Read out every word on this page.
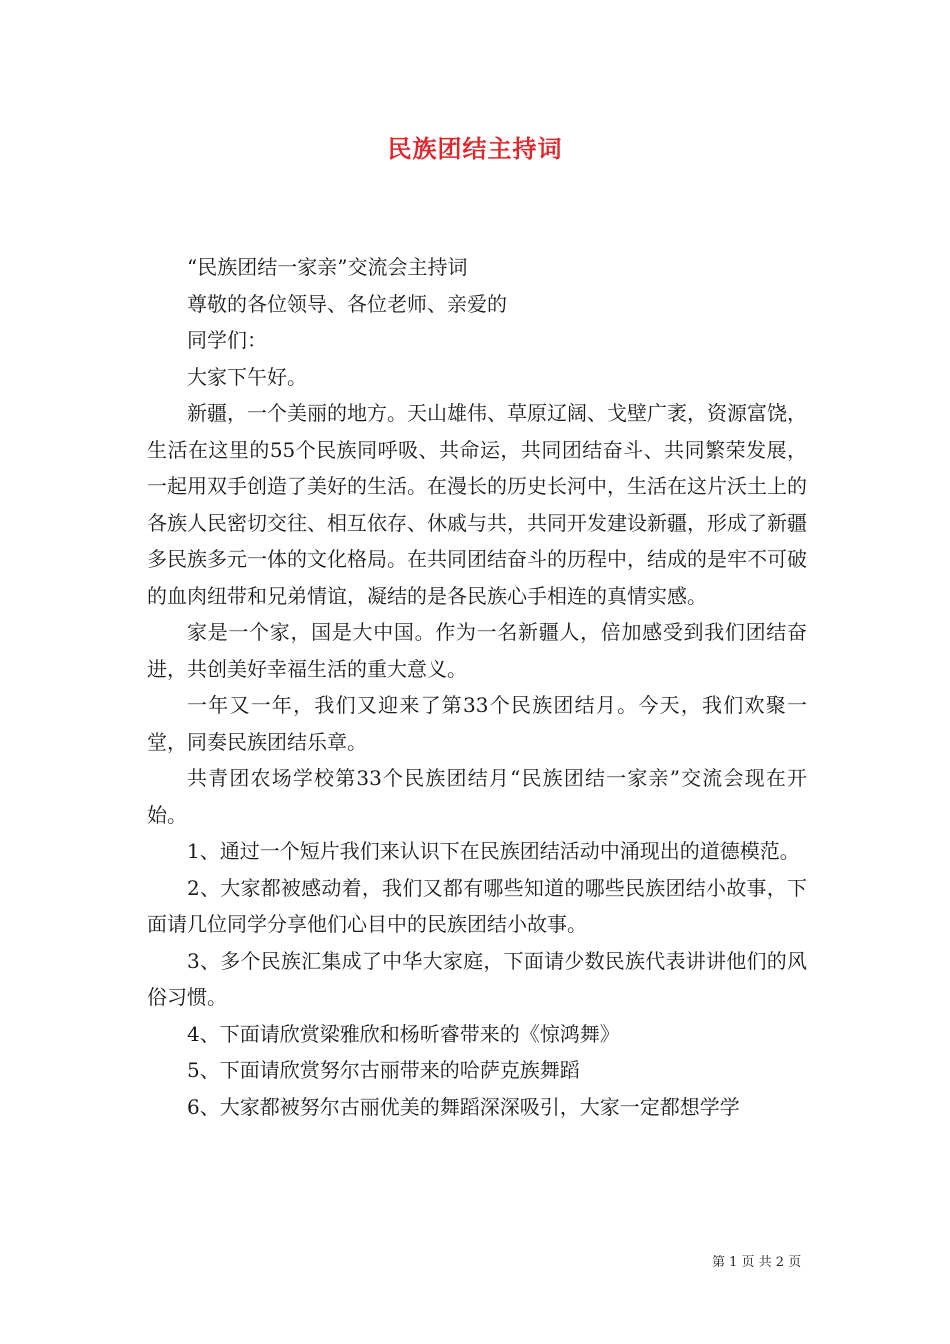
民族团结主持词

“民族团结一家亲”交流会主持词

尊敬的各位领导、各位老师、亲爱的

同学们：

大家下午好。

新疆，一个美丽的地方。天山雄伟、草原辽阔、戈壁广袤，资源富饶，生活在这里的55个民族同呼吸、共命运，共同团结奋斗、共同繁荣发展，一起用双手创造了美好的生活。在漫长的历史长河中，生活在这片沃土上的各族人民密切交往、相互依存、休戚与共，共同开发建设新疆，形成了新疆多民族多元一体的文化格局。在共同团结奋斗的历程中，结成的是牢不可破的血肉纽带和兄弟情谊，凝结的是各民族心手相连的真情实感。

家是一个家，国是大中国。作为一名新疆人，倍加感受到我们团结奋进，共创美好幸福生活的重大意义。

一年又一年，我们又迎来了第33个民族团结月。今天，我们欢聚一堂，同奏民族团结乐章。

共青团农场学校第33个民族团结月“民族团结一家亲”交流会现在开始。

1、通过一个短片我们来认识下在民族团结活动中涌现出的道德模范。

2、大家都被感动着，我们又都有哪些知道的哪些民族团结小故事，下面请几位同学分享他们心目中的民族团结小故事。

3、多个民族汇集成了中华大家庭，下面请少数民族代表讲讲他们的风俗习惯。

4、下面请欣赏梁雅欣和杨昕睿带来的《惊鸿舞》

5、下面请欣赏努尔古丽带来的哈萨克族舞蹈

6、大家都被努尔古丽优美的舞蹈深深吸引，大家一定都想学学

第 1 页 共 2 页
